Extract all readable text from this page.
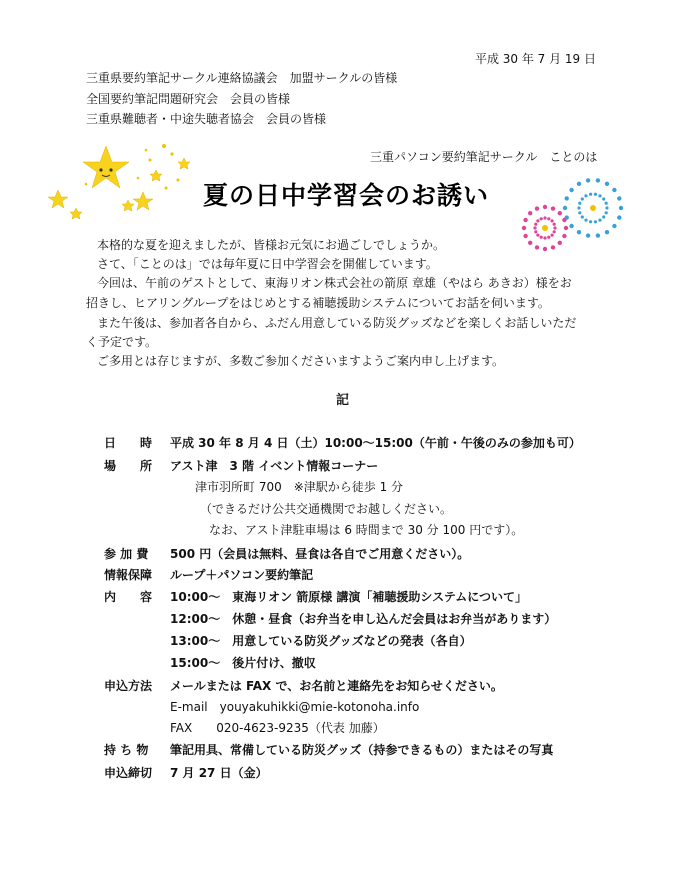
平成 30 年 7 月 19 日
三重県要約筆記サークル連絡協議会　加盟サークルの皆様
全国要約筆記問題研究会　会員の皆様
三重県難聴者・中途失聴者協会　会員の皆様
三重パソコン要約筆記サークル　ことのは
夏の日中学習会のお誘い
本格的な夏を迎えましたが、皆様お元気にお過ごしでしょうか。
さて、「ことのは」では毎年夏に日中学習会を開催しています。
今回は、午前のゲストとして、東海リオン株式会社の箭原 章雄（やはら あきお）様をお
招きし、ヒアリングループをはじめとする補聴援助システムについてお話を伺います。
また午後は、参加者各自から、ふだん用意している防災グッズなどを楽しくお話しいただ
く予定です。
ご多用とは存じますが、多数ご参加くださいますようご案内申し上げます。
記
日　　時 平成 30 年 8 月 4 日（土）10:00～15:00（午前・午後のみの参加も可）
場　　所 アスト津　3 階 イベント情報コーナー
津市羽所町 700　※津駅から徒歩 1 分
（できるだけ公共交通機関でお越しください。
なお、アスト津駐車場は 6 時間まで 30 分 100 円です）。
参 加 費 500 円（会員は無料、昼食は各自でご用意ください）。
情報保障 ループ＋パソコン要約筆記
内　　容 10:00～　東海リオン 箭原様 講演「補聴援助システムについて」
12:00～　休憩・昼食（お弁当を申し込んだ会員はお弁当があります）
13:00～　用意している防災グッズなどの発表（各自）
15:00～　後片付け、撤収
申込方法 メールまたは FAX で、お名前と連絡先をお知らせください。
E-mail　youyakuhikki@mie-kotonoha.info
FAX　　020-4623-9235（代表 加藤）
持 ち 物 筆記用具、常備している防災グッズ（持参できるもの）またはその写真
申込締切 7 月 27 日（金）
